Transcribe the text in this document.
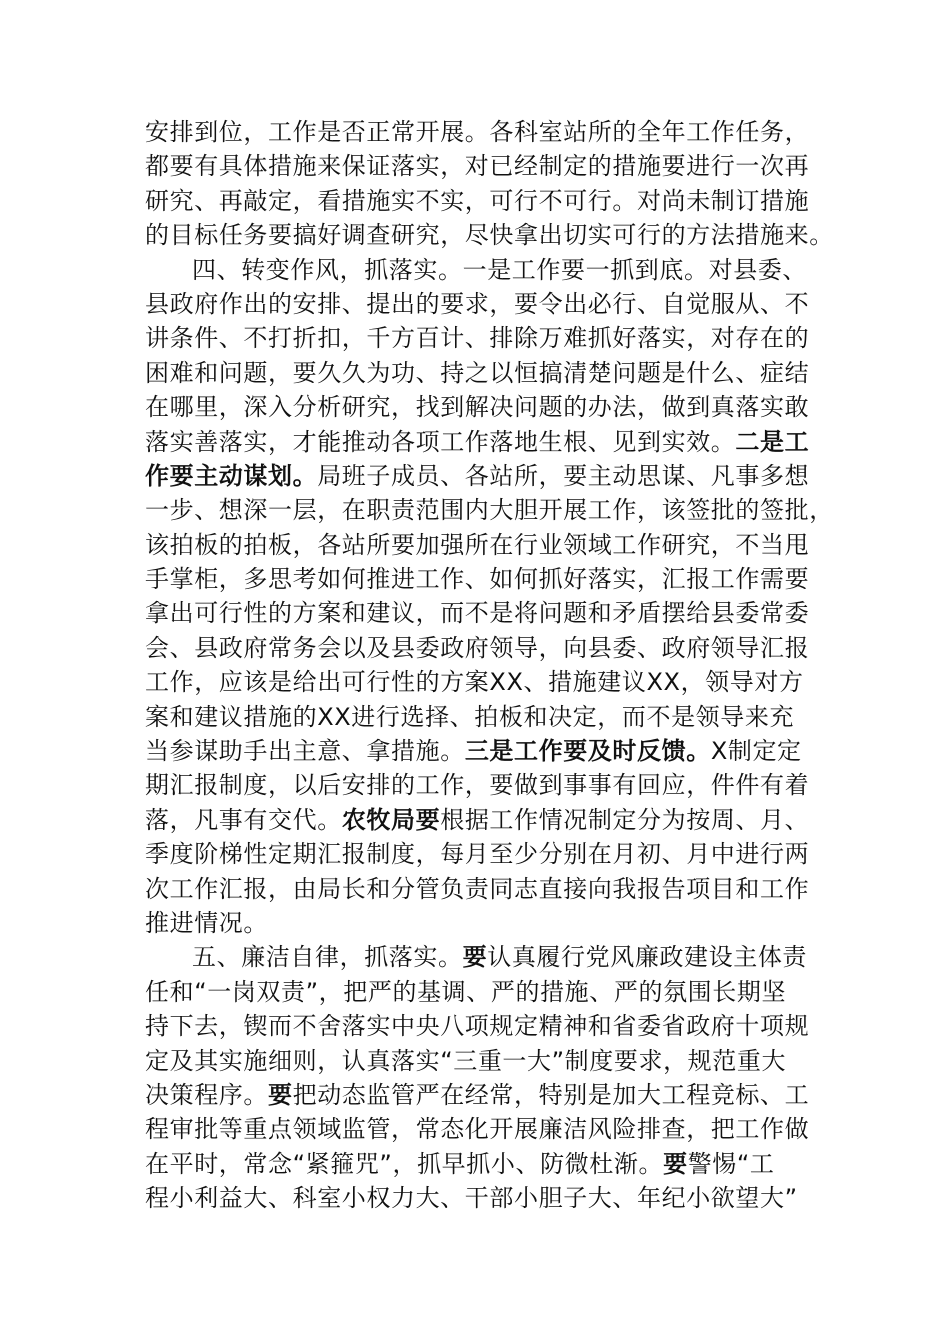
安排到位，工作是否正常开展。各科室站所的全年工作任务，
都要有具体措施来保证落实，对已经制定的措施要进行一次再
研究、再敲定，看措施实不实，可行不可行。对尚未制订措施
的目标任务要搞好调查研究，尽快拿出切实可行的方法措施来。
四、转变作风，抓落实。一是工作要一抓到底。对县委、
县政府作出的安排、提出的要求，要令出必行、自觉服从、不
讲条件、不打折扣，千方百计、排除万难抓好落实，对存在的
困难和问题，要久久为功、持之以恒搞清楚问题是什么、症结
在哪里，深入分析研究，找到解决问题的办法，做到真落实敢
落实善落实，才能推动各项工作落地生根、见到实效。二是工
作要主动谋划。局班子成员、各站所，要主动思谋、凡事多想
一步、想深一层，在职责范围内大胆开展工作，该签批的签批，
该拍板的拍板，各站所要加强所在行业领域工作研究，不当甩
手掌柜，多思考如何推进工作、如何抓好落实，汇报工作需要
拿出可行性的方案和建议，而不是将问题和矛盾摆给县委常委
会、县政府常务会以及县委政府领导，向县委、政府领导汇报
工作，应该是给出可行性的方案XX、措施建议XX，领导对方
案和建议措施的XX进行选择、拍板和决定，而不是领导来充
当参谋助手出主意、拿措施。三是工作要及时反馈。X制定定
期汇报制度，以后安排的工作，要做到事事有回应，件件有着
落，凡事有交代。农牧局要根据工作情况制定分为按周、月、
季度阶梯性定期汇报制度，每月至少分别在月初、月中进行两
次工作汇报，由局长和分管负责同志直接向我报告项目和工作
推进情况。
五、廉洁自律，抓落实。要认真履行党风廉政建设主体责
任和“一岗双责”，把严的基调、严的措施、严的氛围长期坚
持下去，锲而不舍落实中央八项规定精神和省委省政府十项规
定及其实施细则，认真落实“三重一大”制度要求，规范重大
决策程序。要把动态监管严在经常，特别是加大工程竞标、工
程审批等重点领域监管，常态化开展廉洁风险排查，把工作做
在平时，常念“紧箍咒”，抓早抓小、防微杜渐。要警惕“工
程小利益大、科室小权力大、干部小胆子大、年纪小欲望大”
